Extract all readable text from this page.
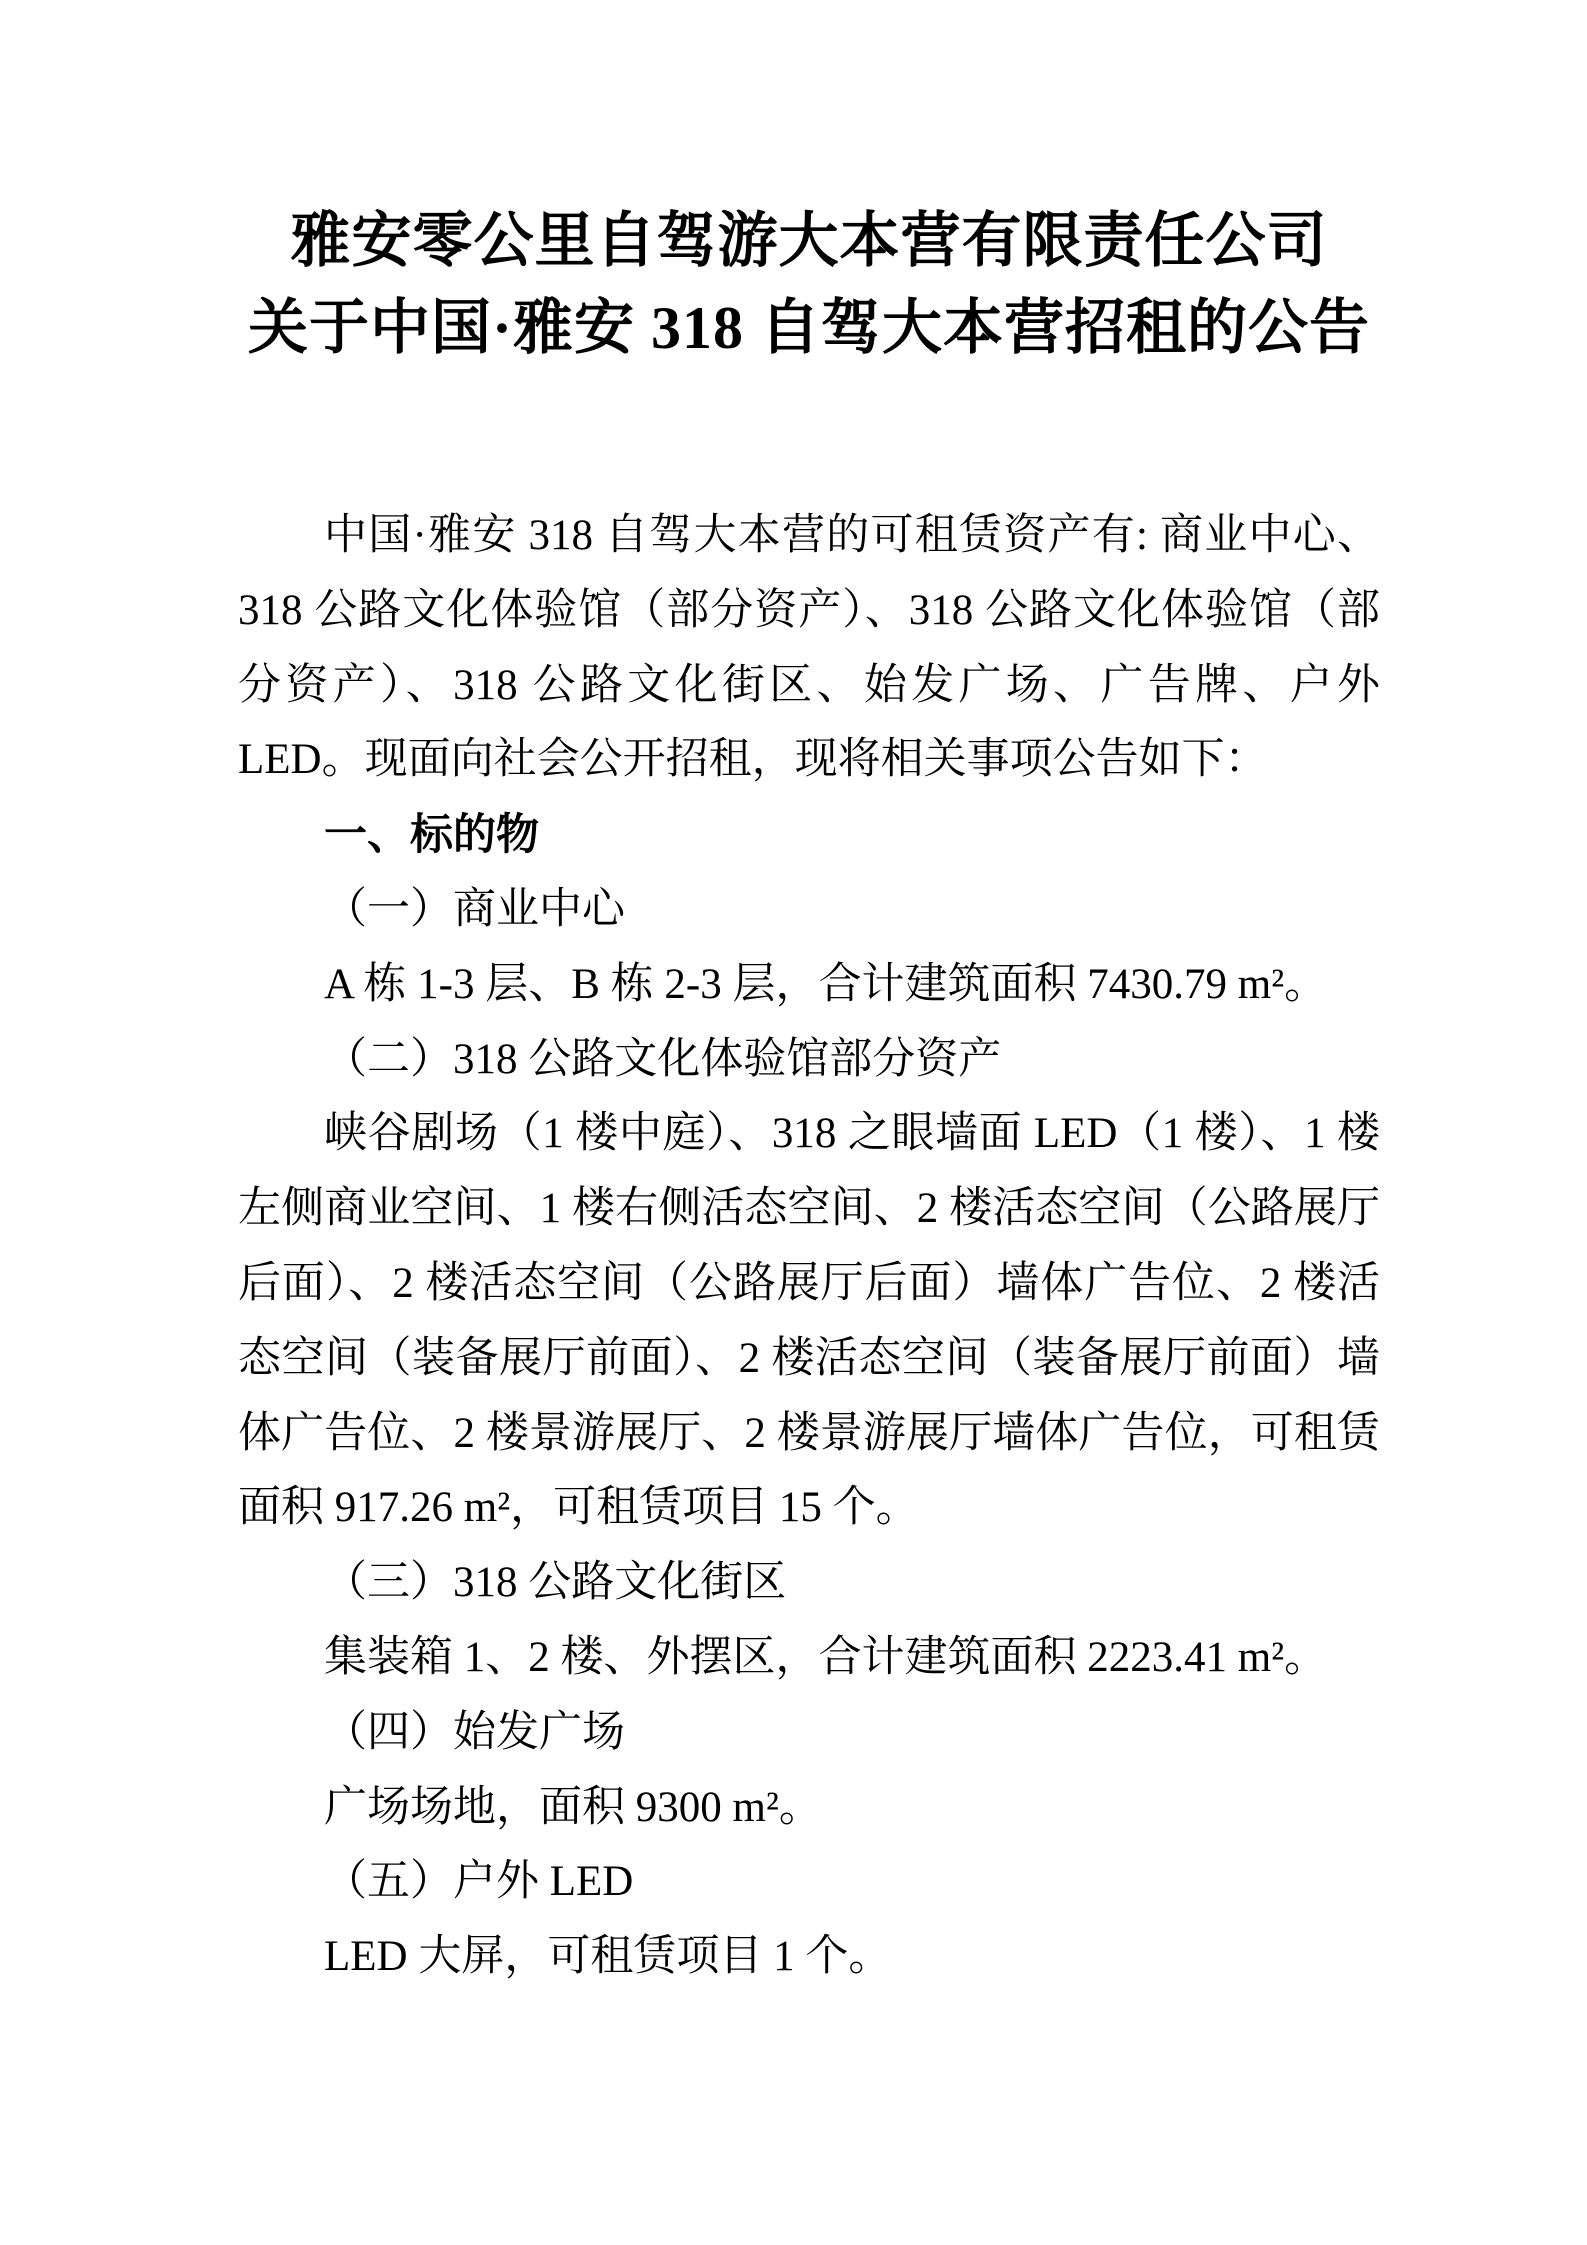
雅安零公里自驾游大本营有限责任公司
关于中国·雅安 318 自驾大本营招租的公告

中国·雅安 318 自驾大本营的可租赁资产有: 商业中心、318 公路文化体验馆（部分资产）、318 公路文化体验馆（部分资产）、318 公路文化街区、始发广场、广告牌、户外 LED。现面向社会公开招租，现将相关事项公告如下：

一、标的物

（一）商业中心

A 栋 1-3 层、B 栋 2-3 层，合计建筑面积 7430.79 m²。

（二）318 公路文化体验馆部分资产

峡谷剧场（1 楼中庭）、318 之眼墙面 LED（1 楼）、1 楼左侧商业空间、1 楼右侧活态空间、2 楼活态空间（公路展厅后面）、2 楼活态空间（公路展厅后面）墙体广告位、2 楼活态空间（装备展厅前面）、2 楼活态空间（装备展厅前面）墙体广告位、2 楼景游展厅、2 楼景游展厅墙体广告位，可租赁面积 917.26 m²，可租赁项目 15 个。

（三）318 公路文化街区

集装箱 1、2 楼、外摆区，合计建筑面积 2223.41 m²。

（四）始发广场

广场场地，面积 9300 m²。

（五）户外 LED

LED 大屏，可租赁项目 1 个。
